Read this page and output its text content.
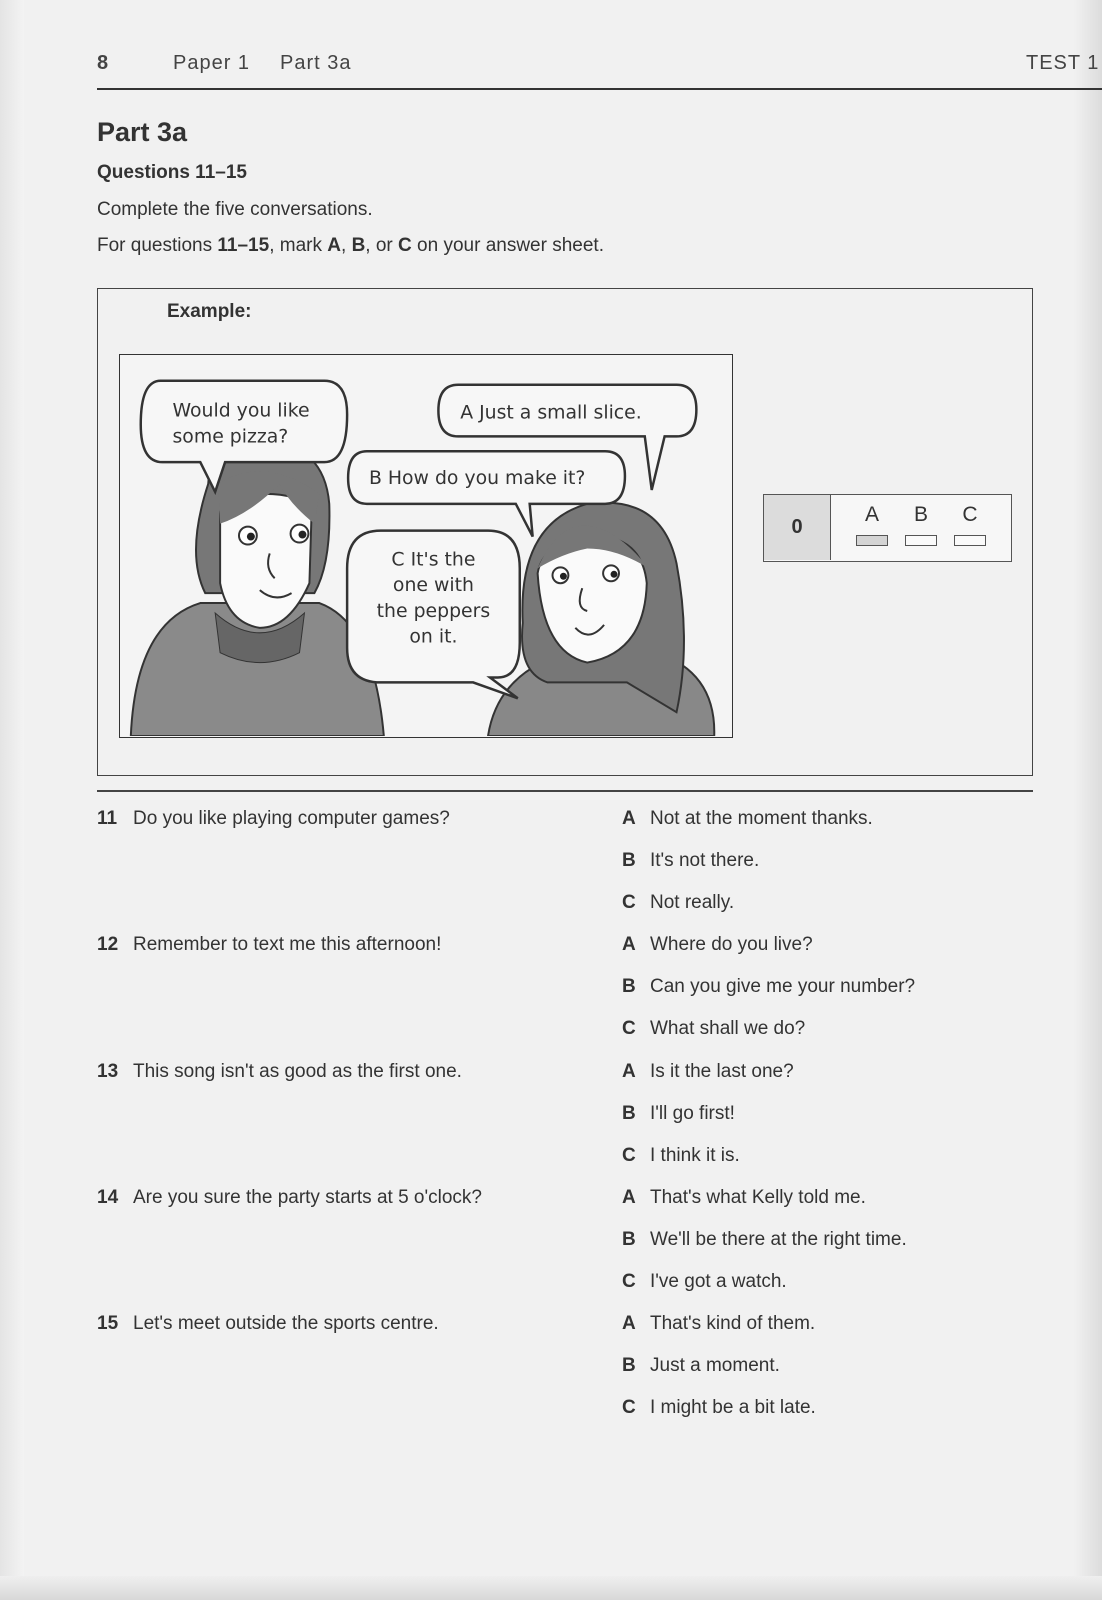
8	Paper 1 Part 3a	TEST 1
Part 3a
Questions 11–15
Complete the five conversations.
For questions 11–15, mark A, B, or C on your answer sheet.
Example:
Would you like
some pizza?
A Just a small slice.
B How do you make it?
C It's the
one with
the peppers
on it.
0
A	B	C
11 Do you like playing computer games?	A Not at the moment thanks.
B It's not there.
C Not really.
12 Remember to text me this afternoon!	A Where do you live?
B Can you give me your number?
C What shall we do?
13 This song isn't as good as the first one.	A Is it the last one?
B I'll go first!
C I think it is.
14 Are you sure the party starts at 5 o'clock?	A That's what Kelly told me.
B We'll be there at the right time.
C I've got a watch.
15 Let's meet outside the sports centre.	A That's kind of them.
B Just a moment.
C I might be a bit late.
